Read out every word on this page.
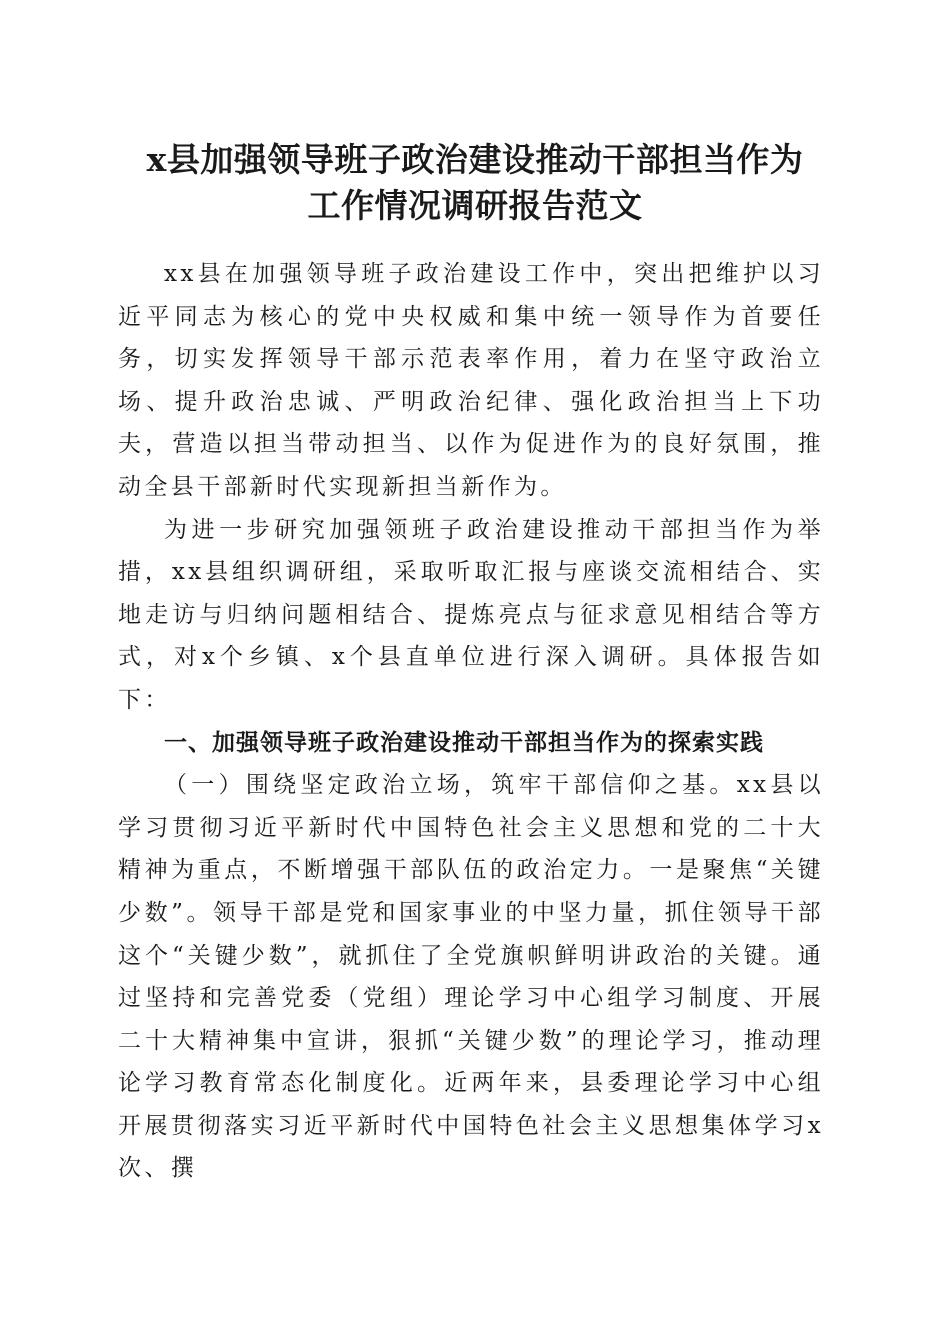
x县加强领导班子政治建设推动干部担当作为
工作情况调研报告范文

xx县在加强领导班子政治建设工作中，突出把维护以习近平同志为核心的党中央权威和集中统一领导作为首要任务，切实发挥领导干部示范表率作用，着力在坚守政治立场、提升政治忠诚、严明政治纪律、强化政治担当上下功夫，营造以担当带动担当、以作为促进作为的良好氛围，推动全县干部新时代实现新担当新作为。

为进一步研究加强领班子政治建设推动干部担当作为举措，xx县组织调研组，采取听取汇报与座谈交流相结合、实地走访与归纳问题相结合、提炼亮点与征求意见相结合等方式，对x个乡镇、x个县直单位进行深入调研。具体报告如下：

一、加强领导班子政治建设推动干部担当作为的探索实践

（一）围绕坚定政治立场，筑牢干部信仰之基。xx县以学习贯彻习近平新时代中国特色社会主义思想和党的二十大精神为重点，不断增强干部队伍的政治定力。一是聚焦“关键少数”。领导干部是党和国家事业的中坚力量，抓住领导干部这个“关键少数”，就抓住了全党旗帜鲜明讲政治的关键。通过坚持和完善党委（党组）理论学习中心组学习制度、开展二十大精神集中宣讲，狠抓“关键少数”的理论学习，推动理论学习教育常态化制度化。近两年来，县委理论学习中心组开展贯彻落实习近平新时代中国特色社会主义思想集体学习x次、撰
